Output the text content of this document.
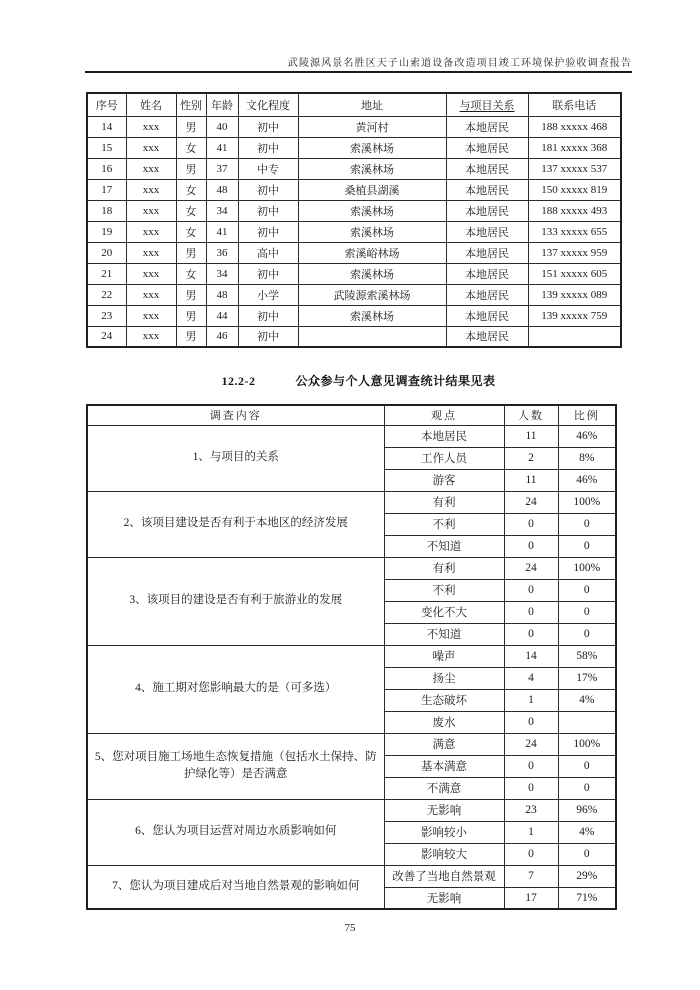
武陵源风景名胜区天子山索道设备改造项目竣工环境保护验收调查报告
序号	姓名	性别	年龄	文化程度	地址	与项目关系	联系电话
14	xxx	男	40	初中	黄河村	本地居民	188 xxxxx 468
15	xxx	女	41	初中	索溪林场	本地居民	181 xxxxx 368
16	xxx	男	37	中专	索溪林场	本地居民	137 xxxxx 537
17	xxx	女	48	初中	桑植县湖溪	本地居民	150 xxxxx 819
18	xxx	女	34	初中	索溪林场	本地居民	188 xxxxx 493
19	xxx	女	41	初中	索溪林场	本地居民	133 xxxxx 655
20	xxx	男	36	高中	索溪峪林场	本地居民	137 xxxxx 959
21	xxx	女	34	初中	索溪林场	本地居民	151 xxxxx 605
22	xxx	男	48	小学	武陵源索溪林场	本地居民	139 xxxxx 089
23	xxx	男	44	初中	索溪林场	本地居民	139 xxxxx 759
24	xxx	男	46	初中		本地居民	
12.2-2	公众参与个人意见调查统计结果见表
调查内容	观点	人数	比例
1、与项目的关系	本地居民	11	46%
	工作人员	2	8%
	游客	11	46%
2、该项目建设是否有利于本地区的经济发展	有利	24	100%
	不利	0	0
	不知道	0	0
3、该项目的建设是否有利于旅游业的发展	有利	24	100%
	不利	0	0
	变化不大	0	0
	不知道	0	0
4、施工期对您影响最大的是（可多选）	噪声	14	58%
	扬尘	4	17%
	生态破坏	1	4%
	废水	0	
5、您对项目施工场地生态恢复措施（包括水土保持、防护绿化等）是否满意	满意	24	100%
	基本满意	0	0
	不满意	0	0
6、您认为项目运营对周边水质影响如何	无影响	23	96%
	影响较小	1	4%
	影响较大	0	0
7、您认为项目建成后对当地自然景观的影响如何	改善了当地自然景观	7	29%
	无影响	17	71%
75
